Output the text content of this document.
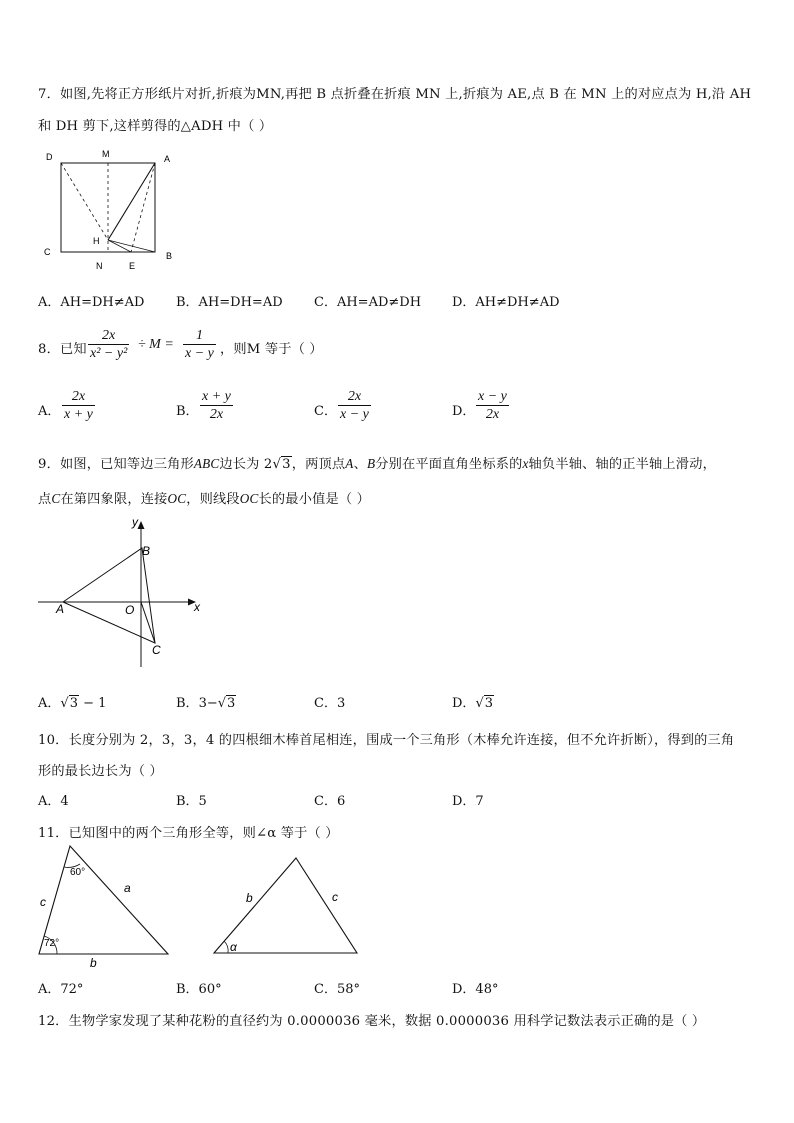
7．如图,先将正方形纸片对折,折痕为MN,再把 B 点折叠在折痕 MN 上,折痕为 AE,点 B 在 MN 上的对应点为 H,沿 AH
和 DH 剪下,这样剪得的△ADH 中（ ）
D	M	A
C
H
N	E
B
A．AH=DH≠AD B．AH=DH=AD C．AH=AD≠DH D．AH≠DH≠AD
8．已知 $\frac{2x}{\text{x² − y²}} \div M = \frac{1}{x - y}$ ，则M 等于（ ）
A． $\frac{2x}{x + y}$	B． $\frac{x + y}{2x}$	C． $\frac{2x}{x - y}$	D． $\frac{x - y}{2x}$
9．如图，已知等边三角形ABC边长为 2√3，两顶点A、B分别在平面直角坐标系的x轴负半轴、轴的正半轴上滑动，
点C在第四象限，连接OC，则线段OC长的最小值是（ ）
y
B
A	O	x
C
A．√3 − 1	B．3−√3	C．3	D．√3
10．长度分别为 2，3，3，4 的四根细木棒首尾相连，围成一个三角形（木棒允许连接，但不允许折断），得到的三角
形的最长边长为（ ）
A．4	B．5	C．6	D．7
11．已知图中的两个三角形全等，则∠α 等于（ ）
60°
72°
c
a
b
α
b	c
A．72°	B．60°	C．58°	D．48°
12．生物学家发现了某种花粉的直径约为 0.0000036 毫米，数据 0.0000036 用科学记数法表示正确的是（ ）
